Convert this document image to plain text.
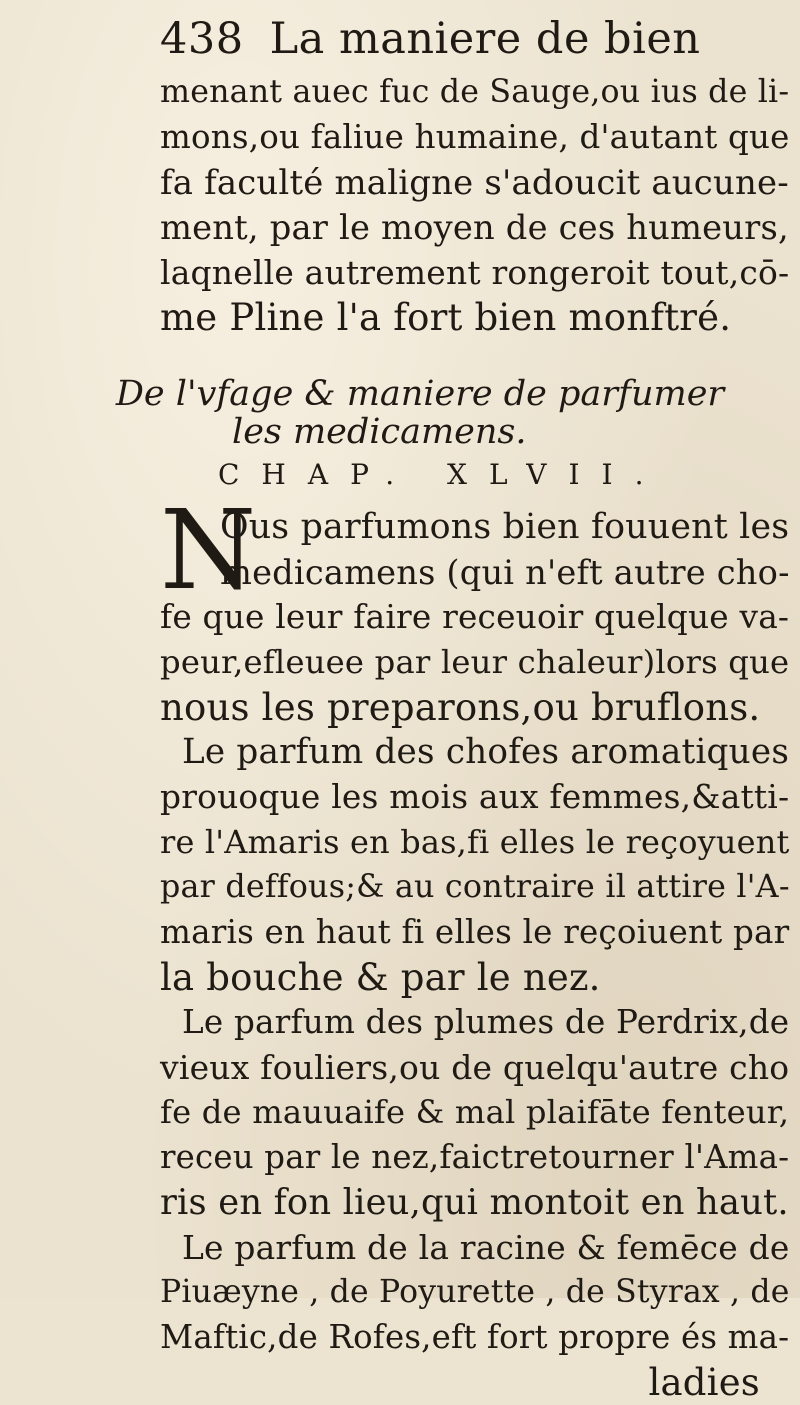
438 La maniere de bien
menant auec fuc de Sauge,ou ius de li-
mons,ou faliue humaine, d'autant que
fa faculté maligne s'adoucit aucune-
ment, par le moyen de ces humeurs,
laqnelle autrement rongeroit tout,cō-
me Pline l'a fort bien monftré.
De l'vfage & maniere de parfumer
les medicamens.
CHAP. XLVII.
N
Ous parfumons bien fouuent les
medicamens (qui n'eft autre cho-
fe que leur faire receuoir quelque va-
peur,efleuee par leur chaleur)lors que
nous les preparons,ou bruflons.
Le parfum des chofes aromatiques
prouoque les mois aux femmes,&atti-
re l'Amaris en bas,fi elles le reçoyuent
par deffous;& au contraire il attire l'A-
maris en haut fi elles le reçoiuent par
la bouche & par le nez.
Le parfum des plumes de Perdrix,de
vieux fouliers,ou de quelqu'autre cho
fe de mauuaife & mal plaifāte fenteur,
receu par le nez,faictretourner l'Ama-
ris en fon lieu,qui montoit en haut.
Le parfum de la racine & femēce de
Piuæyne , de Poyurette , de Styrax , de
Maftic,de Rofes,eft fort propre és ma-
ladies
